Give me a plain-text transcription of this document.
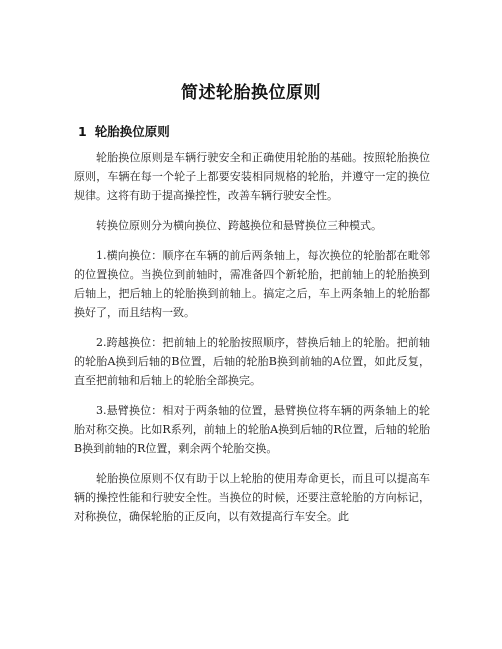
简述轮胎换位原则
1 轮胎换位原则

轮胎换位原则是车辆行驶安全和正确使用轮胎的基础。按照轮胎换位原则，车辆在每一个轮子上都要安装相同规格的轮胎，并遵守一定的换位规律。这将有助于提高操控性，改善车辆行驶安全性。

转换位原则分为横向换位、跨越换位和悬臂换位三种模式。

1.横向换位：顺序在车辆的前后两条轴上，每次换位的轮胎都在毗邻的位置换位。当换位到前轴时，需准备四个新轮胎，把前轴上的轮胎换到后轴上，把后轴上的轮胎换到前轴上。搞定之后，车上两条轴上的轮胎都换好了，而且结构一致。

2.跨越换位：把前轴上的轮胎按照顺序，替换后轴上的轮胎。把前轴的轮胎A换到后轴的B位置，后轴的轮胎B换到前轴的A位置，如此反复，直至把前轴和后轴上的轮胎全部换完。

3.悬臂换位：相对于两条轴的位置，悬臂换位将车辆的两条轴上的轮胎对称交换。比如R系列，前轴上的轮胎A换到后轴的R位置，后轴的轮胎B换到前轴的R位置，剩余两个轮胎交换。

轮胎换位原则不仅有助于以上轮胎的使用寿命更长，而且可以提高车辆的操控性能和行驶安全性。当换位的时候，还要注意轮胎的方向标记，对称换位，确保轮胎的正反向，以有效提高行车安全。此
